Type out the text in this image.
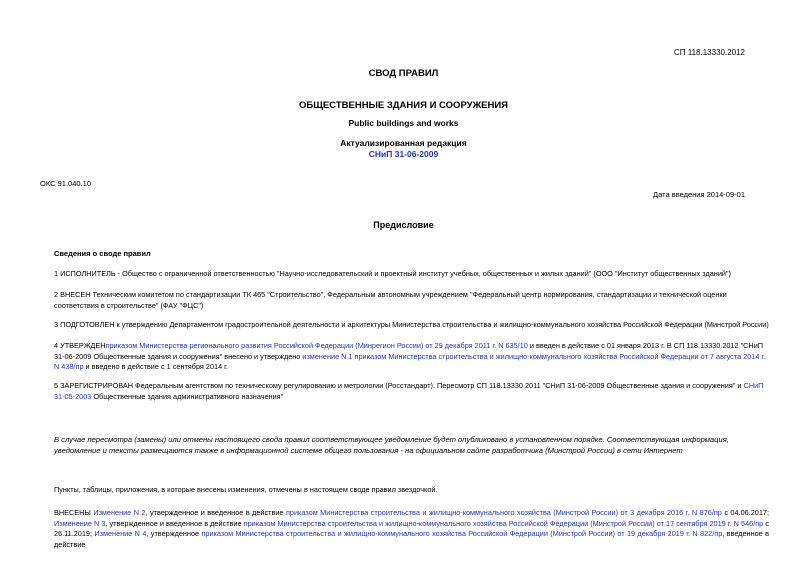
СП 118.13330.2012
СВОД ПРАВИЛ
ОБЩЕСТВЕННЫЕ ЗДАНИЯ И СООРУЖЕНИЯ
Public buildings and works
Актуализированная редакция
СНиП 31-06-2009
ОКС 91.040.10
Дата введения 2014-09-01
Предисловие
Сведения о своде правил
1 ИСПОЛНИТЕЛЬ - Общество с ограниченной ответственностью "Научно-исследовательский и проектный институт учебных, общественных и жилых зданий" (ООО "Институт общественных зданий")
2 ВНЕСЕН Техническим комитетом по стандартизации ТК 465 "Строительство", Федеральным автономным учреждением "Федеральный центр нормирования, стандартизации и технической оценки соответствия в строительстве" (ФАУ "ФЦС")
3 ПОДГОТОВЛЕН к утверждению Департаментом градостроительной деятельности и архитектуры Министерства строительства и жилищно-коммунального хозяйства Российской Федерации (Минстрой России)
4 УТВЕРЖДЕНприказом Министерства регионального развития Российской Федерации (Минрегион России) от 29 декабря 2011 г. N 635/10 и введен в действие с 01 января 2013 г. В СП 118.13330.2012 "СНиП 31-06-2009 Общественные здания и сооружения" внесено и утверждено изменение N 1 приказом Министерства строительства и жилищно-коммунального хозяйства Российской Федерации от 7 августа 2014 г. N 438/пр и введено в действие с 1 сентября 2014 г.
5 ЗАРЕГИСТРИРОВАН Федеральным агентством по техническому регулированию и метрологии (Росстандарт). Пересмотр СП 118.13330.2011 "СНиП 31-06-2009 Общественные здания и сооружения" и СНиП 31-05-2003 Общественные здания административного назначения"
В случае пересмотра (замены) или отмены настоящего свода правил соответствующее уведомление будет опубликовано в установленном порядке. Соответствующая информация, уведомление и тексты размещаются также в информационной системе общего пользования - на официальном сайте разработчика (Минстрой России) в сети Интернет
Пункты, таблицы, приложения, в которые внесены изменения, отмечены в настоящем своде правил звездочкой.
ВНЕСЕНЫ Изменение N 2, утвержденное и введенное в действие приказом Министерства строительства и жилищно-коммунального хозяйства (Минстрой России) от 3 декабря 2016 г. N 876/пр с 04.06.2017; Изменение N 3, утвержденное и введенное в действие приказом Министерства строительства и жилищно-коммунального хозяйства Российской Федерации (Минстрой России) от 17 сентября 2019 г. N 546/пр с 26.11.2019; Изменение N 4, утвержденное приказом Министерства строительства и жилищно-коммунального хозяйства Российской Федерации (Минстрой России) от 19 декабря 2019 г. N 822/пр, введенное в действие
